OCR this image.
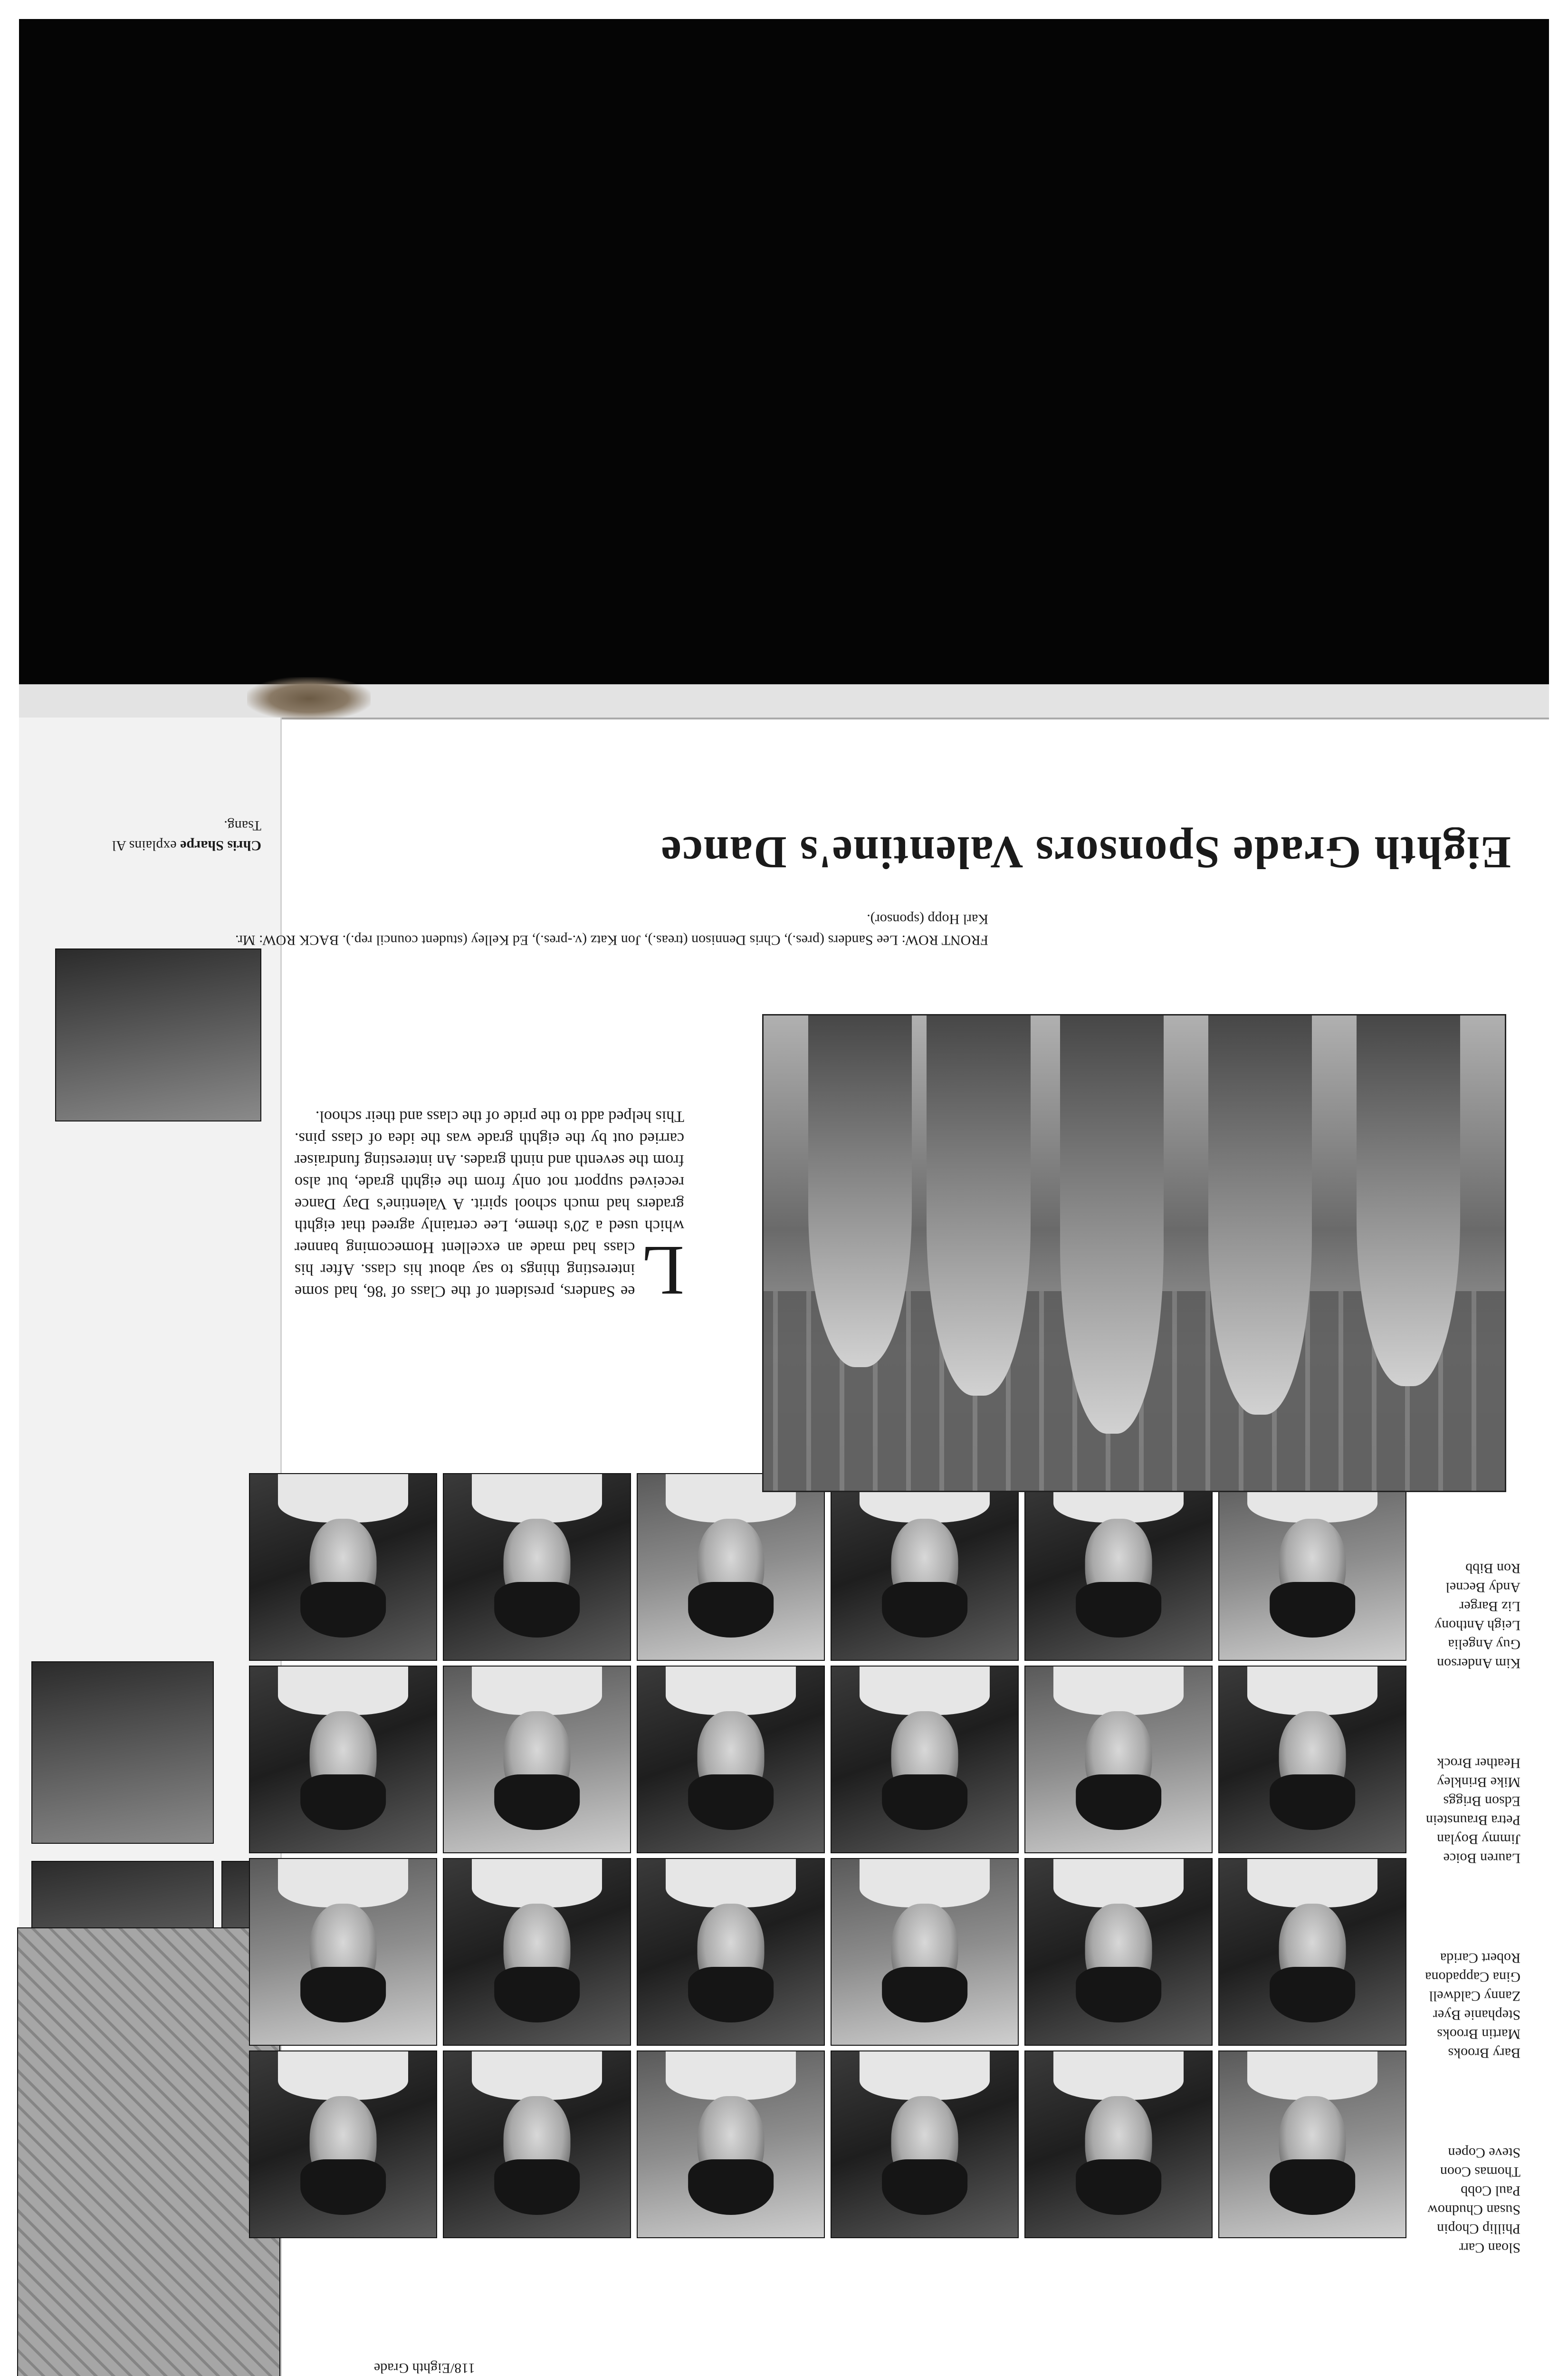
Chris Sharpe explains Al
Tsang.
118/Eighth Grade
Kim Anderson
Guy Angelia
Leigh Anthony
Liz Barger
Andy Becnel
Ron Bibb
Lauren Boice
Jimmy Boylan
Petra Braunstein
Edson Briggs
Mike Brinkley
Heather Brock
Bary Brooks
Martin Brooks
Stephanie Byer
Zanny Caldwell
Gina Cappadona
Robert Carida
Sloan Carr
Phillip Chopin
Susan Chudnow
Paul Cobb
Thomas Coon
Steve Copen
L
ee Sanders, president of the Class of '86, had some interesting things to say about his class. After his class had made an excellent Homecoming banner which used a 20's theme, Lee certainly agreed that eighth graders had much school spirit. A Valentine's Day Dance received support not only from the eighth grade, but also from the seventh and ninth grades. An interesting fundraiser carried out by the eighth grade was the idea of class pins. This helped add to the pride of the class and their school.
FRONT ROW: Lee Sanders (pres.), Chris Dennison (treas.), Jon Katz (v.-pres.), Ed Kelley (student council rep.). BACK ROW: Mr. Karl Hopp (sponsor).
Eighth Grade Sponsors Valentine's Dance
